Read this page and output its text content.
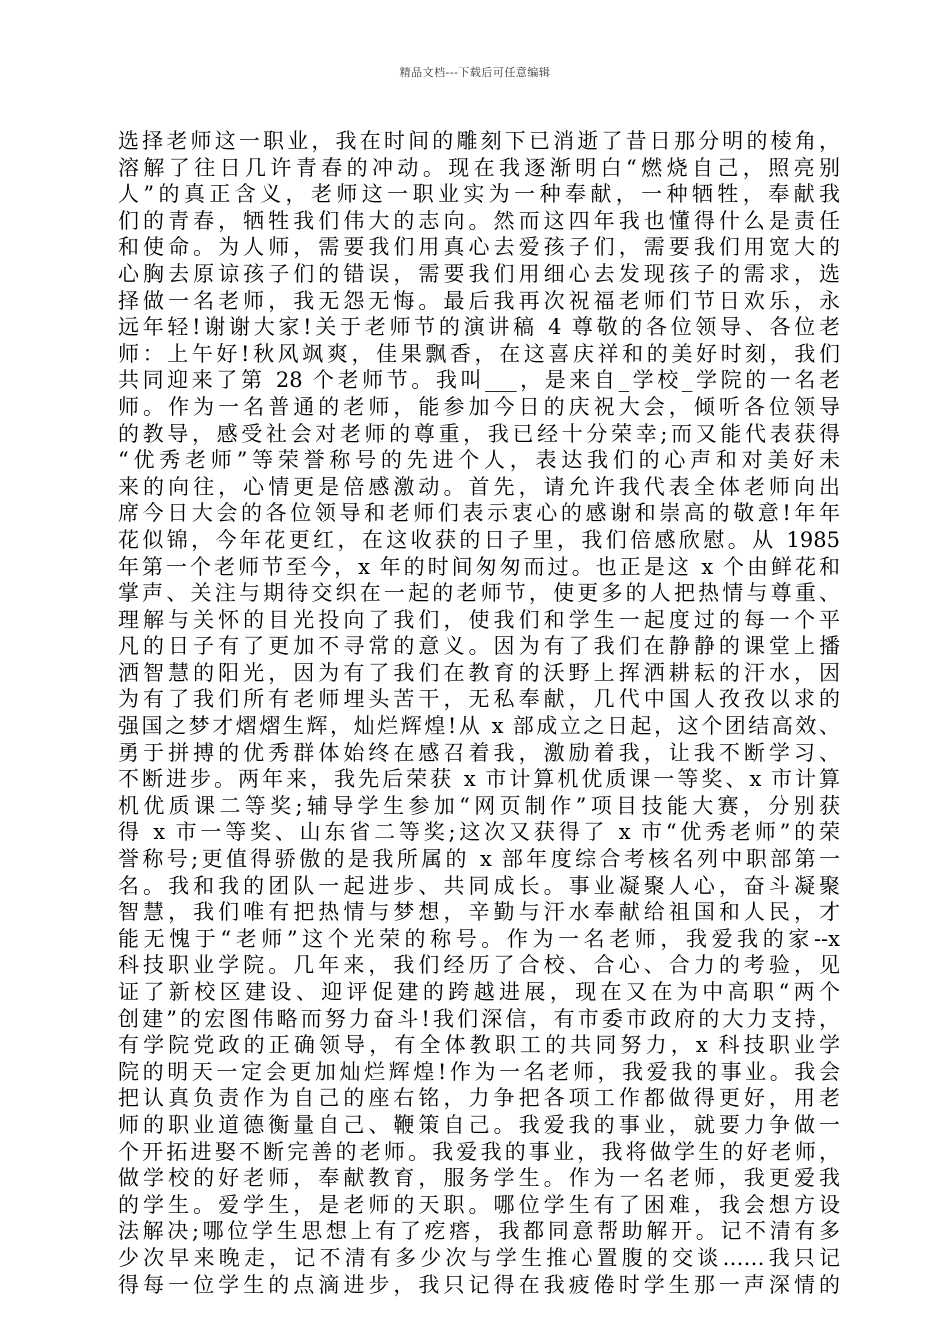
精品文档---下载后可任意编辑
选择老师这一职业，我在时间的雕刻下已消逝了昔日那分明的棱角，
溶解了往日几许青春的冲动。现在我逐渐明白“燃烧自己，照亮别
人”的真正含义，老师这一职业实为一种奉献，一种牺牲，奉献我
们的青春，牺牲我们伟大的志向。然而这四年我也懂得什么是责任
和使命。为人师，需要我们用真心去爱孩子们，需要我们用宽大的
心胸去原谅孩子们的错误，需要我们用细心去发现孩子的需求，选
择做一名老师，我无怨无悔。最后我再次祝福老师们节日欢乐，永
远年轻!谢谢大家!关于老师节的演讲稿 4 尊敬的各位领导、各位老
师：上午好!秋风飒爽，佳果飘香，在这喜庆祥和的美好时刻，我们
共同迎来了第 28 个老师节。我叫___，是来自_学校_学院的一名老
师。作为一名普通的老师，能参加今日的庆祝大会，倾听各位领导
的教导，感受社会对老师的尊重，我已经十分荣幸;而又能代表获得
“优秀老师”等荣誉称号的先进个人，表达我们的心声和对美好未
来的向往，心情更是倍感激动。首先，请允许我代表全体老师向出
席今日大会的各位领导和老师们表示衷心的感谢和崇高的敬意!年年
花似锦，今年花更红，在这收获的日子里，我们倍感欣慰。从 1985
年第一个老师节至今，x 年的时间匆匆而过。也正是这 x 个由鲜花和
掌声、关注与期待交织在一起的老师节，使更多的人把热情与尊重、
理解与关怀的目光投向了我们，使我们和学生一起度过的每一个平
凡的日子有了更加不寻常的意义。因为有了我们在静静的课堂上播
洒智慧的阳光，因为有了我们在教育的沃野上挥洒耕耘的汗水，因
为有了我们所有老师埋头苦干，无私奉献，几代中国人孜孜以求的
强国之梦才熠熠生辉，灿烂辉煌!从 x 部成立之日起，这个团结高效、
勇于拼搏的优秀群体始终在感召着我，激励着我，让我不断学习、
不断进步。两年来，我先后荣获 x 市计算机优质课一等奖、x 市计算
机优质课二等奖;辅导学生参加“网页制作”项目技能大赛，分别获
得 x 市一等奖、山东省二等奖;这次又获得了 x 市“优秀老师”的荣
誉称号;更值得骄傲的是我所属的 x 部年度综合考核名列中职部第一
名。我和我的团队一起进步、共同成长。事业凝聚人心，奋斗凝聚
智慧，我们唯有把热情与梦想，辛勤与汗水奉献给祖国和人民，才
能无愧于“老师”这个光荣的称号。作为一名老师，我爱我的家--x
科技职业学院。几年来，我们经历了合校、合心、合力的考验，见
证了新校区建设、迎评促建的跨越进展，现在又在为中高职“两个
创建”的宏图伟略而努力奋斗!我们深信，有市委市政府的大力支持，
有学院党政的正确领导，有全体教职工的共同努力，x 科技职业学
院的明天一定会更加灿烂辉煌!作为一名老师，我爱我的事业。我会
把认真负责作为自己的座右铭，力争把各项工作都做得更好，用老
师的职业道德衡量自己、鞭策自己。我爱我的事业，就要力争做一
个开拓进娶不断完善的老师。我爱我的事业，我将做学生的好老师，
做学校的好老师，奉献教育，服务学生。作为一名老师，我更爱我
的学生。爱学生，是老师的天职。哪位学生有了困难，我会想方设
法解决;哪位学生思想上有了疙瘩，我都同意帮助解开。记不清有多
少次早来晚走，记不清有多少次与学生推心置腹的交谈……我只记
得每一位学生的点滴进步，我只记得在我疲倦时学生那一声深情的
